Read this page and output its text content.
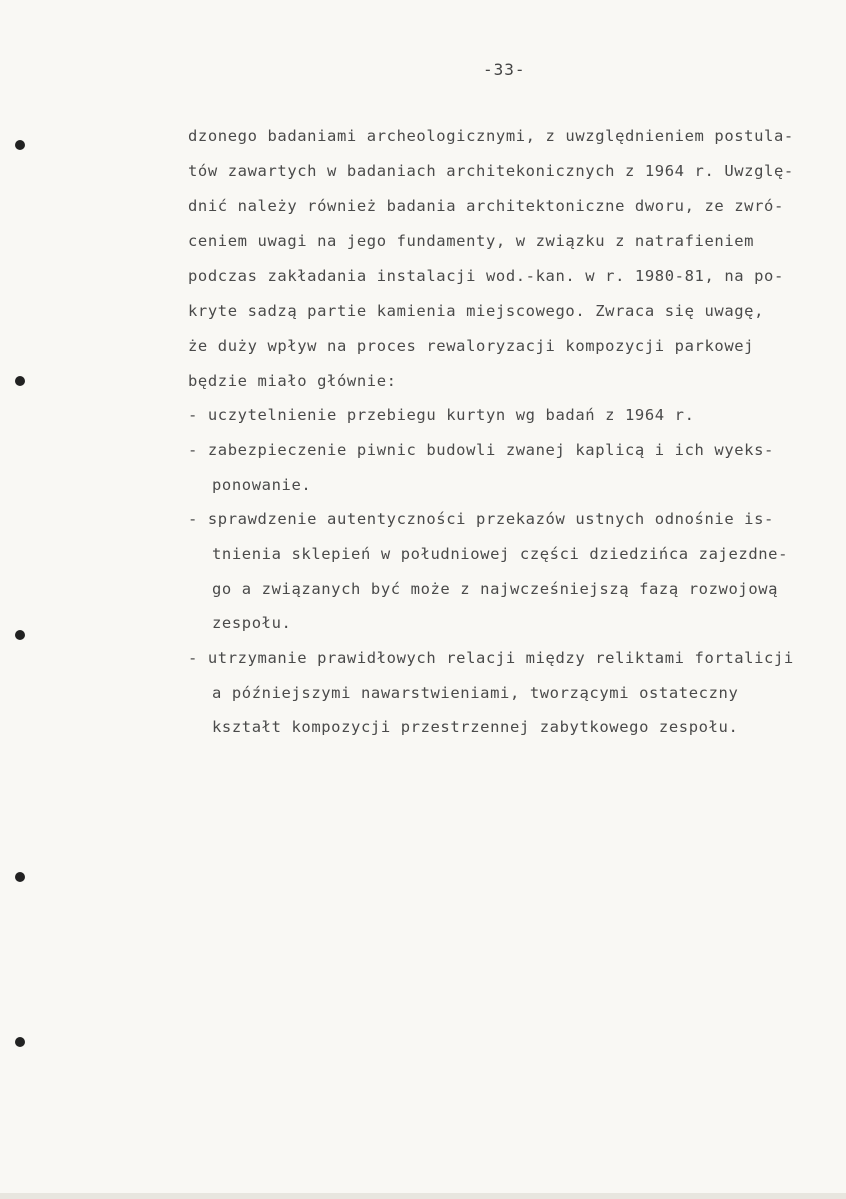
-33-
dzonego badaniami archeologicznymi, z uwzględnieniem postula-
tów zawartych w badaniach architekonicznych z 1964 r. Uwzglę-
dnić należy również badania architektoniczne dworu, ze zwró-
ceniem uwagi na jego fundamenty, w związku z natrafieniem
podczas zakładania instalacji wod.-kan. w r. 1980-81, na po-
kryte sadzą partie kamienia miejscowego. Zwraca się uwagę,
że duży wpływ na proces rewaloryzacji kompozycji parkowej
będzie miało głównie:
- uczytelnienie przebiegu kurtyn wg badań z 1964 r.
- zabezpieczenie piwnic budowli zwanej kaplicą i ich wyeks-
ponowanie.
- sprawdzenie autentyczności przekazów ustnych odnośnie is-
tnienia sklepień w południowej części dziedzińca zajezdne-
go a związanych być może z najwcześniejszą fazą rozwojową
zespołu.
- utrzymanie prawidłowych relacji między reliktami fortalicji
a późniejszymi nawarstwieniami, tworzącymi ostateczny
kształt kompozycji przestrzennej zabytkowego zespołu.
